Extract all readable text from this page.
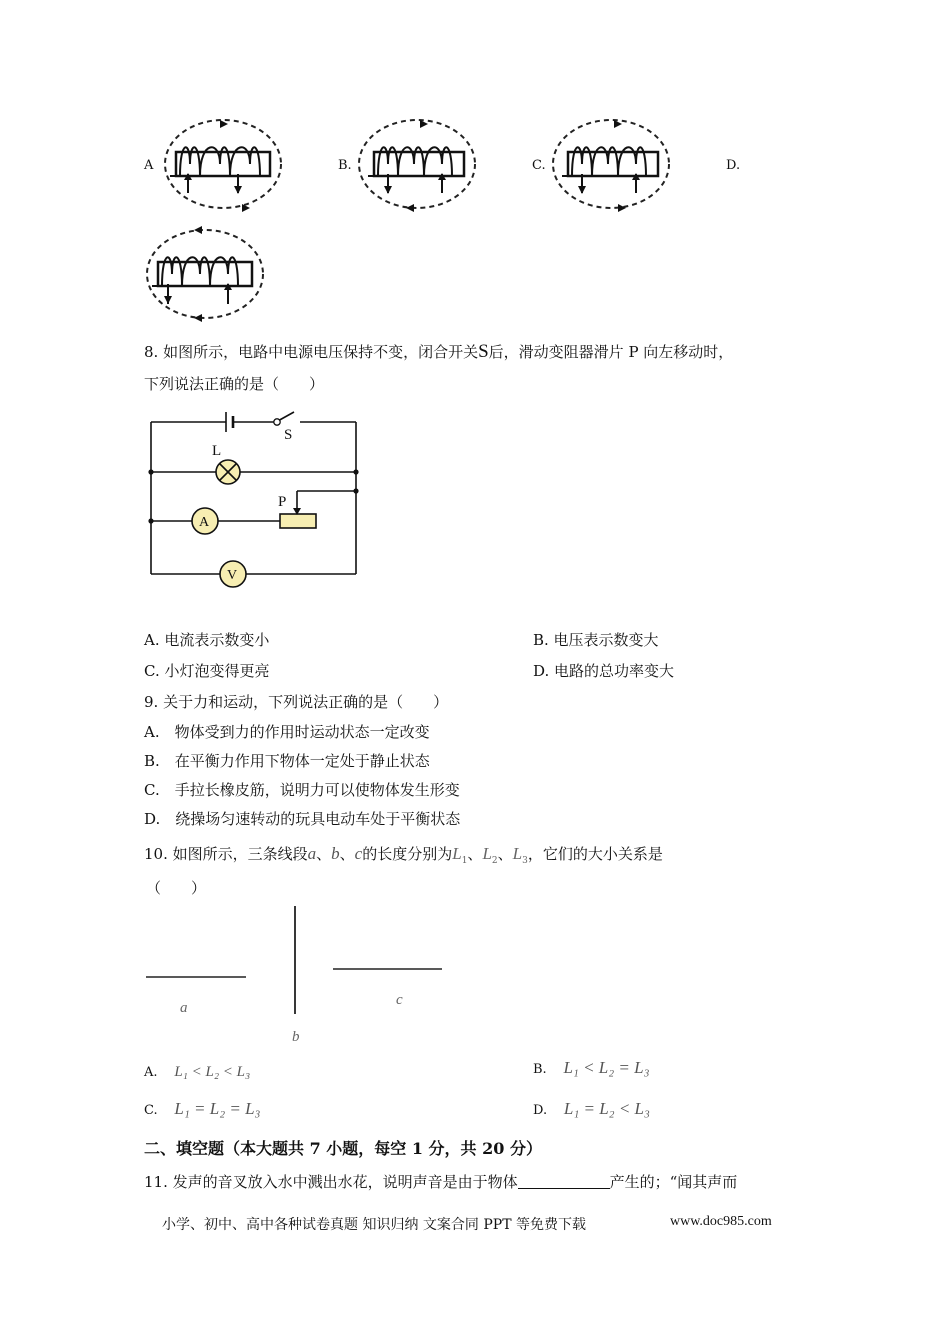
A	B.	C.	D.
8. 如图所示，电路中电源电压保持不变，闭合开关S后，滑动变阻器滑片 P 向左移动时，
下列说法正确的是（　　）
S
L
A
P
V
A. 电流表示数变小	B. 电压表示数变大
C. 小灯泡变得更亮	D. 电路的总功率变大
9. 关于力和运动，下列说法正确的是（　　）
A.　物体受到力的作用时运动状态一定改变
B.　在平衡力作用下物体一定处于静止状态
C.　手拉长橡皮筋，说明力可以使物体发生形变
D.　绕操场匀速转动的玩具电动车处于平衡状态
10. 如图所示，三条线段a、b、c的长度分别为$L_1$、$L_2$、$L_3$，它们的大小关系是
（　　）
a
b
c
A. L₁ < L₂ < L₃	B. L₁ < L₂ = L₃
C. L₁ = L₂ = L₃	D. L₁ = L₂ < L₃
二、填空题（本大题共 7 小题，每空 1 分，共 20 分）
11. 发声的音叉放入水中溅出水花，说明声音是由于物体	产生的；“闻其声而
小学、初中、高中各种试卷真题 知识归纳 文案合同 PPT 等免费下载	www.doc985.com
